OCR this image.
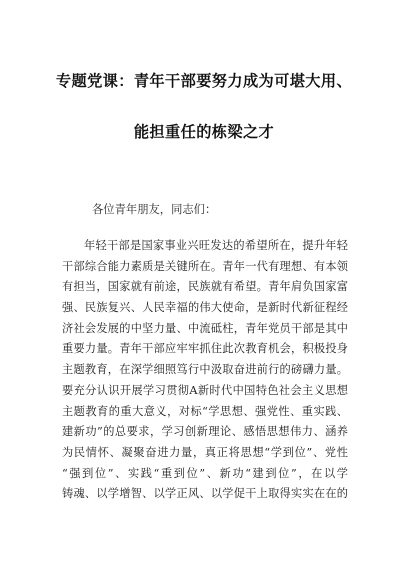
专题党课：青年干部要努力成为可堪大用、
能担重任的栋梁之才
各位青年朋友，同志们：
年轻干部是国家事业兴旺发达的希望所在，提升年轻
干部综合能力素质是关键所在。青年一代有理想、有本领
有担当，国家就有前途，民族就有希望。青年肩负国家富
强、民族复兴、人民幸福的伟大使命，是新时代新征程经
济社会发展的中坚力量、中流砥柱，青年党员干部是其中
重要力量。青年干部应牢牢抓住此次教育机会，积极投身
主题教育，在深学细照笃行中汲取奋进前行的磅礴力量。
要充分认识开展学习贯彻A新时代中国特色社会主义思想
主题教育的重大意义，对标“学思想、强党性、重实践、
建新功”的总要求，学习创新理论、感悟思想伟力、涵养
为民情怀、凝聚奋进力量，真正将思想“学到位”、党性
“强到位”、实践“重到位”、新功“建到位”，在以学
铸魂、以学增智、以学正风、以学促干上取得实实在在的
